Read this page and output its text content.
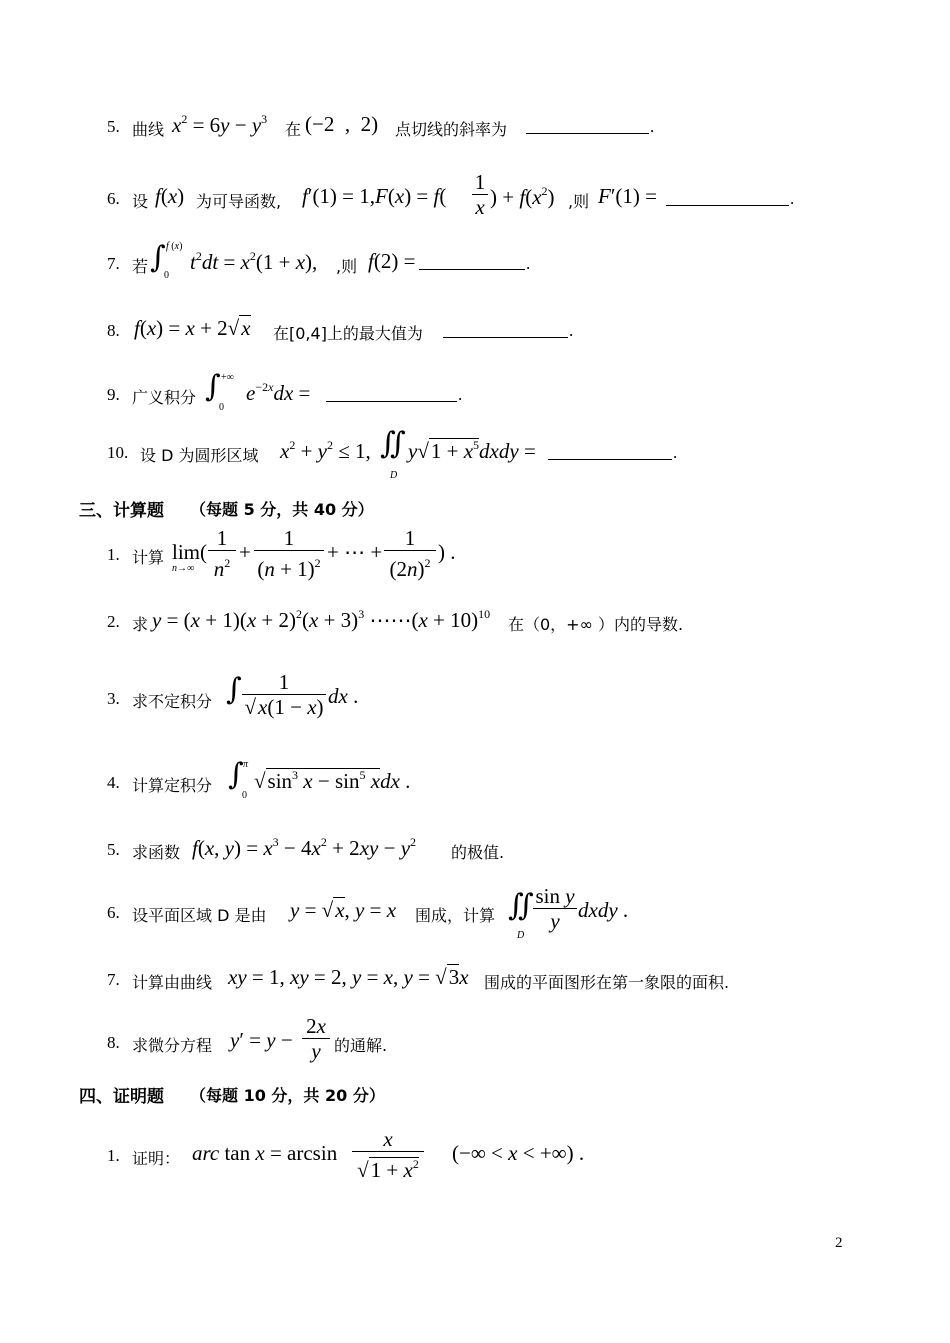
5. 曲线 $x^2 = 6y - y^3$
在 (−2  ,  2) 点切线的斜率为	.
6. 设 f(x) 为可导函数, $f'(1) = 1,F(x) = f( \frac{1}{x}$ ) + $f(x^2)$ ,则 F′(1) =	.
7. 若 ∫ f (x)
0
$t^2dt = x^2(1 + x)$, ,则 f(2) =	.
8. f(x) = x + 2√x 在[0,4]上的最大值为	.
9. 广义积分 ∫ +∞
0
$e^{-2x}dx$ =	.
10. 设 D 为圆形区域 $x^2 + y^2 \le 1$, ∬
D
$y√1 + x^5dxdy$ =	.
三、计算题 （每题 5 分，共 40 分）
1. 计算 lim(
$n\to\infty \frac{1}{n^2} + \frac{1}{(n + 1)^2}$ + ⋯ + $\frac{1}{(2n)^2}$ ) .
2. 求 $y = (x + 1)(x + 2)^2(x + 3)^3$ ⋯⋯(x + 10)$^{10}$
在（0，+∞ ）内的导数.
3. 求不定积分 ∫ $\frac{1}{√x(1 - x)}$ dx .
4. 计算定积分 ∫ π
0
$√\sin^3$ $x - \sin^5$ xdx .
5. 求函数 f(x, $y) = x^3 - 4x^2 + 2xy - y^2$
的极值.
6. 设平面区域 D 是由 y = √x, y = x 围成，计算 ∬
D
$\frac{\text{sin y}}{y}$ dxdy .
7. 计算由曲线 xy = 1, xy = 2, y = x, y = √3x 围成的平面图形在第一象限的面积.
8. 求微分方程 $y' = y - \frac{2x}{y}$ 的通解.
四、证明题 （每题 10 分，共 20 分）
1. 证明： arc $\tan x = \arcsin \frac{x}{√1 + x^2}$ (−∞ < x < +∞) .
2
